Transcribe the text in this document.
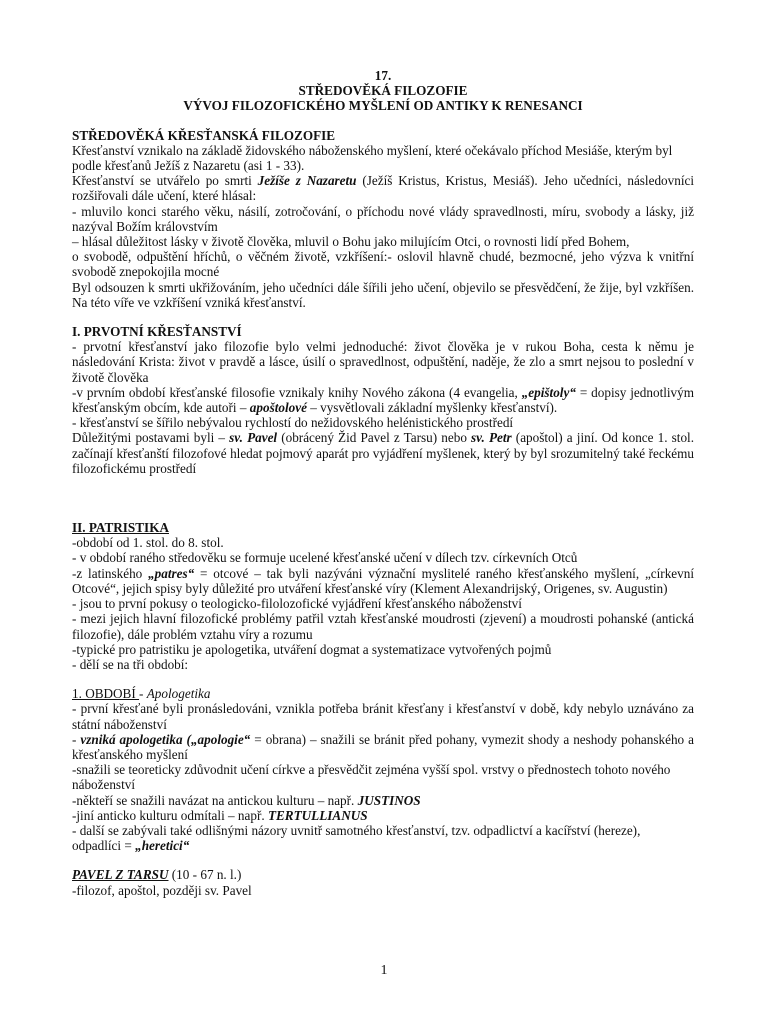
17.
STŘEDOVĚKÁ FILOZOFIE
VÝVOJ FILOZOFICKÉHO MYŠLENÍ OD ANTIKY K RENESANCI

STŘEDOVĚKÁ KŘESŤANSKÁ FILOZOFIE

Křesťanství vznikalo na základě židovského náboženského myšlení, které očekávalo příchod Mesiáše, kterým byl podle křesťanů Ježíš z Nazaretu (asi 1 - 33).

Křesťanství se utvářelo po smrti Ježíše z Nazaretu (Ježíš Kristus, Kristus, Mesiáš). Jeho učedníci, následovníci rozšiřovali dále učení, které hlásal:

- mluvilo konci starého věku, násilí, zotročování, o příchodu nové vlády spravedlnosti, míru, svobody a lásky, již nazýval Božím královstvím

– hlásal důležitost lásky v životě člověka, mluvil o Bohu jako milujícím Otci, o rovnosti lidí před Bohem,

o svobodě, odpuštění hříchů, o věčném životě, vzkříšení:- oslovil hlavně chudé, bezmocné, jeho výzva k vnitřní svobodě znepokojila mocné

Byl odsouzen k smrti ukřižováním, jeho učedníci dále šířili jeho učení, objevilo se přesvědčení, že žije, byl vzkříšen. Na této víře ve vzkříšení vzniká křesťanství.

I. PRVOTNÍ KŘESŤANSTVÍ

- prvotní křesťanství jako filozofie bylo velmi jednoduché: život člověka je v rukou Boha, cesta k němu je následování Krista: život v pravdě a lásce, úsilí o spravedlnost, odpuštění, naděje, že zlo a smrt nejsou to poslední v životě člověka

-v prvním období křesťanské filosofie vznikaly knihy Nového zákona (4 evangelia, „epištoly“ = dopisy jednotlivým křesťanským obcím, kde autoři – apoštolové – vysvětlovali základní myšlenky křesťanství).

- křesťanství se šířilo nebývalou rychlostí do nežidovského helénistického prostředí

Důležitými postavami byli – sv. Pavel (obrácený Žid Pavel z Tarsu) nebo sv. Petr (apoštol) a jiní. Od konce 1. stol. začínají křesťanští filozofové hledat pojmový aparát pro vyjádření myšlenek, který by byl srozumitelný také řeckému filozofickému prostředí

II. PATRISTIKA

-období od 1. stol. do 8. stol.

- v období raného středověku se formuje ucelené křesťanské učení v dílech tzv. církevních Otců

-z latinského „patres“ = otcové – tak byli nazýváni význační myslitelé raného křesťanského myšlení, „církevní Otcové“, jejich spisy byly důležité pro utváření křesťanské víry (Klement Alexandrijský, Origenes, sv. Augustin)

- jsou to první pokusy o teologicko-filolozofické vyjádření křesťanského náboženství

- mezi jejich hlavní filozofické problémy patřil vztah křesťanské moudrosti (zjevení) a moudrosti pohanské (antická filozofie), dále problém vztahu víry a rozumu

-typické pro patristiku je apologetika, utváření dogmat a systematizace vytvořených pojmů

- dělí se na tři období:

1. OBDOBÍ - Apologetika

- první křesťané byli pronásledováni, vznikla potřeba bránit křesťany i křesťanství v době, kdy nebylo uznáváno za státní náboženství

- vzniká apologetika („apologie“ = obrana) – snažili se bránit před pohany, vymezit shody a neshody pohanského a křesťanského myšlení

-snažili se teoreticky zdůvodnit učení církve a přesvědčit zejména vyšší spol. vrstvy o přednostech tohoto nového náboženství

-někteří se snažili navázat na antickou kulturu – např. JUSTINOS

-jiní anticko kulturu odmítali – např. TERTULLIANUS

- další se zabývali také odlišnými názory uvnitř samotného křesťanství, tzv. odpadlictví a kacířství (hereze),

odpadlíci = „heretici“

PAVEL Z TARSU (10 - 67 n. l.)

-filozof, apoštol, později sv. Pavel

1
